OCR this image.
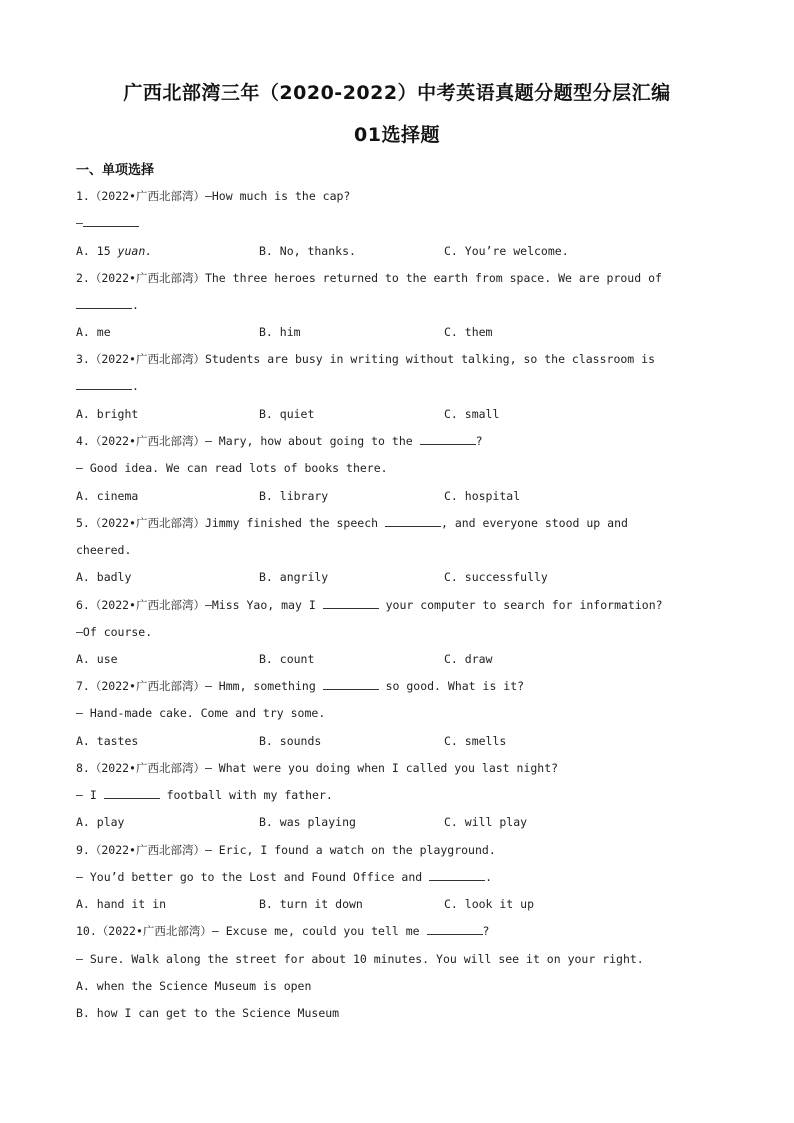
广西北部湾三年（2020-2022）中考英语真题分题型分层汇编
01选择题
一、单项选择
1.（2022•广西北部湾）—How much is the cap?
—
A. 15 yuan.	B. No, thanks.	C. You’re welcome.
2.（2022•广西北部湾）The three heroes returned to the earth from space. We are proud of
.
A. me	B. him	C. them
3.（2022•广西北部湾）Students are busy in writing without talking, so the classroom is
.
A. bright	B. quiet	C. small
4.（2022•广西北部湾）— Mary, how about going to the	?
— Good idea. We can read lots of books there.
A. cinema	B. library	C. hospital
5.（2022•广西北部湾）Jimmy finished the speech	, and everyone stood up and
cheered.
A. badly	B. angrily	C. successfully
6.（2022•广西北部湾）—Miss Yao, may I	your computer to search for information?
—Of course.
A. use	B. count	C. draw
7.（2022•广西北部湾）— Hmm, something	so good. What is it?
— Hand-made cake. Come and try some.
A. tastes	B. sounds	C. smells
8.（2022•广西北部湾）— What were you doing when I called you last night?
— I	football with my father.
A. play	B. was playing	C. will play
9.（2022•广西北部湾）— Eric, I found a watch on the playground.
— You’d better go to the Lost and Found Office and	.
A. hand it in	B. turn it down	C. look it up
10.（2022•广西北部湾）— Excuse me, could you tell me	?
— Sure. Walk along the street for about 10 minutes. You will see it on your right.
A. when the Science Museum is open
B. how I can get to the Science Museum
